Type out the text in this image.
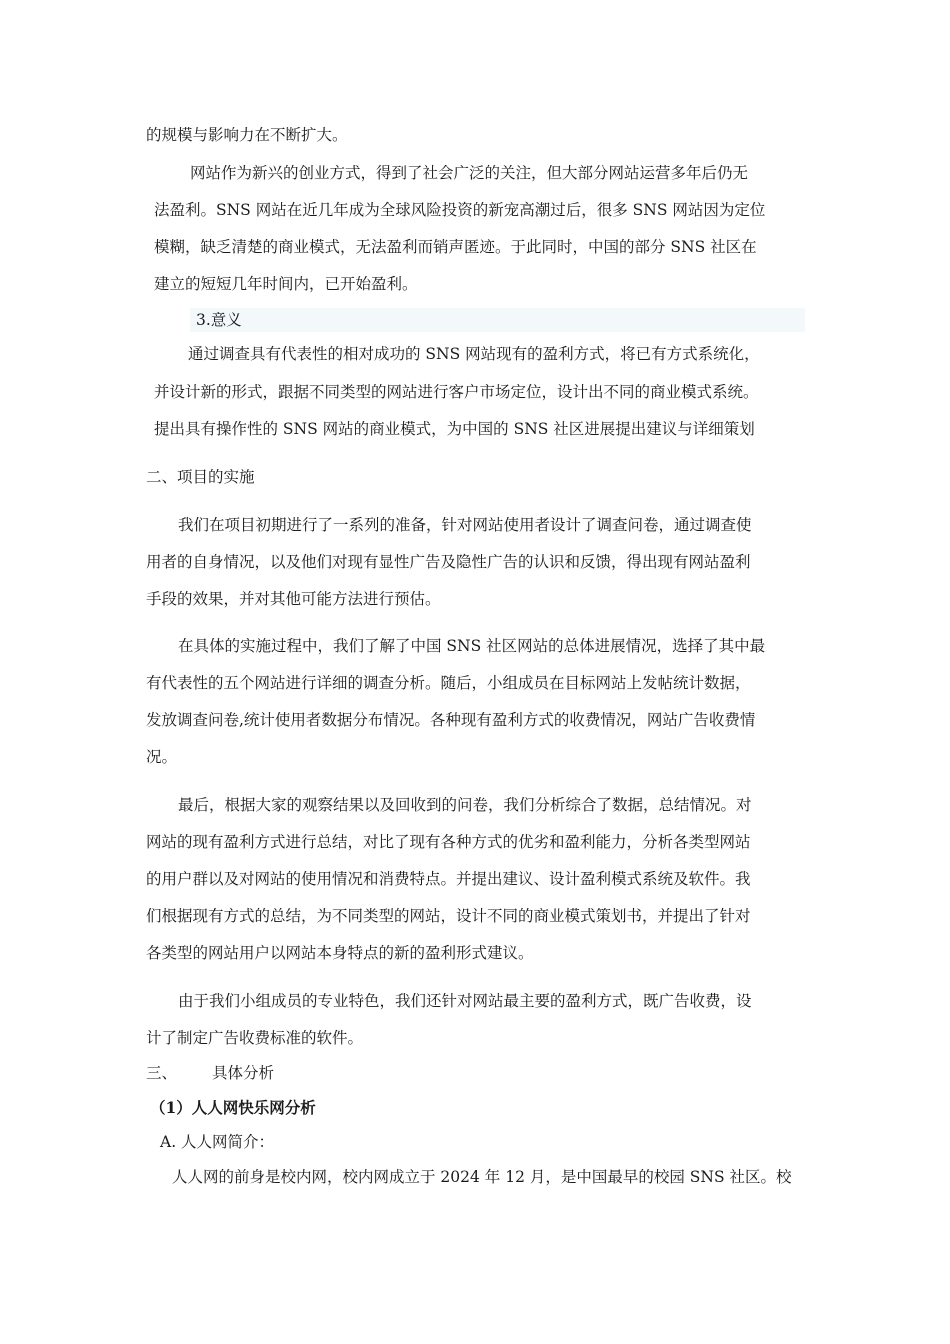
的规模与影响力在不断扩大。
网站作为新兴的创业方式，得到了社会广泛的关注，但大部分网站运营多年后仍无
法盈利。SNS 网站在近几年成为全球风险投资的新宠高潮过后，很多 SNS 网站因为定位
模糊，缺乏清楚的商业模式，无法盈利而销声匿迹。于此同时，中国的部分 SNS 社区在
建立的短短几年时间内，已开始盈利。
3.意义
通过调查具有代表性的相对成功的 SNS 网站现有的盈利方式，将已有方式系统化，
并设计新的形式，跟据不同类型的网站进行客户市场定位，设计出不同的商业模式系统。
提出具有操作性的 SNS 网站的商业模式，为中国的 SNS 社区进展提出建议与详细策划
二、项目的实施
我们在项目初期进行了一系列的准备，针对网站使用者设计了调查问卷，通过调查使
用者的自身情况，以及他们对现有显性广告及隐性广告的认识和反馈，得出现有网站盈利
手段的效果，并对其他可能方法进行预估。
在具体的实施过程中，我们了解了中国 SNS 社区网站的总体进展情况，选择了其中最
有代表性的五个网站进行详细的调查分析。随后，小组成员在目标网站上发帖统计数据，
发放调查问卷,统计使用者数据分布情况。各种现有盈利方式的收费情况，网站广告收费情
况。
最后，根据大家的观察结果以及回收到的问卷，我们分析综合了数据，总结情况。对
网站的现有盈利方式进行总结，对比了现有各种方式的优劣和盈利能力，分析各类型网站
的用户群以及对网站的使用情况和消费特点。并提出建议、设计盈利模式系统及软件。我
们根据现有方式的总结，为不同类型的网站，设计不同的商业模式策划书，并提出了针对
各类型的网站用户以网站本身特点的新的盈利形式建议。
由于我们小组成员的专业特色，我们还针对网站最主要的盈利方式，既广告收费，设
计了制定广告收费标准的软件。
三、 具体分析
（1）人人网快乐网分析
A. 人人网简介：
人人网的前身是校内网，校内网成立于 2024 年 12 月，是中国最早的校园 SNS 社区。校
